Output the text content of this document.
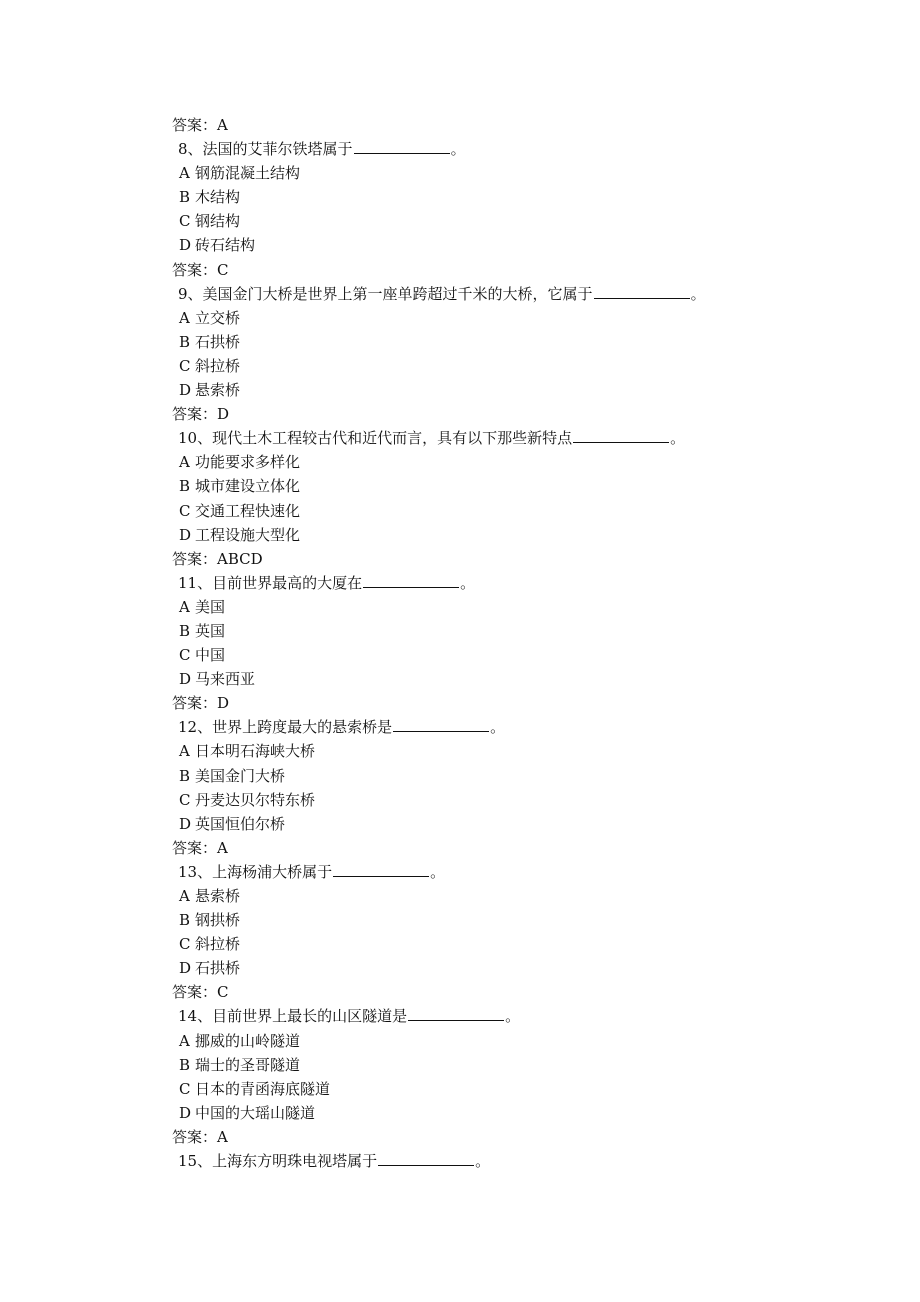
答案：A
8、法国的艾菲尔铁塔属于	。
A 钢筋混凝土结构
B 木结构
C 钢结构
D 砖石结构
答案：C
9、美国金门大桥是世界上第一座单跨超过千米的大桥，它属于	。
A 立交桥
B 石拱桥
C 斜拉桥
D 悬索桥
答案：D
10、现代土木工程较古代和近代而言，具有以下那些新特点	。
A 功能要求多样化
B 城市建设立体化
C 交通工程快速化
D 工程设施大型化
答案：ABCD
11、目前世界最高的大厦在	。
A 美国
B 英国
C 中国
D 马来西亚
答案：D
12、世界上跨度最大的悬索桥是	。
A 日本明石海峡大桥
B 美国金门大桥
C 丹麦达贝尔特东桥
D 英国恒伯尔桥
答案：A
13、上海杨浦大桥属于	。
A 悬索桥
B 钢拱桥
C 斜拉桥
D 石拱桥
答案：C
14、目前世界上最长的山区隧道是	。
A 挪威的山岭隧道
B 瑞士的圣哥隧道
C 日本的青函海底隧道
D 中国的大瑶山隧道
答案：A
15、上海东方明珠电视塔属于	。
